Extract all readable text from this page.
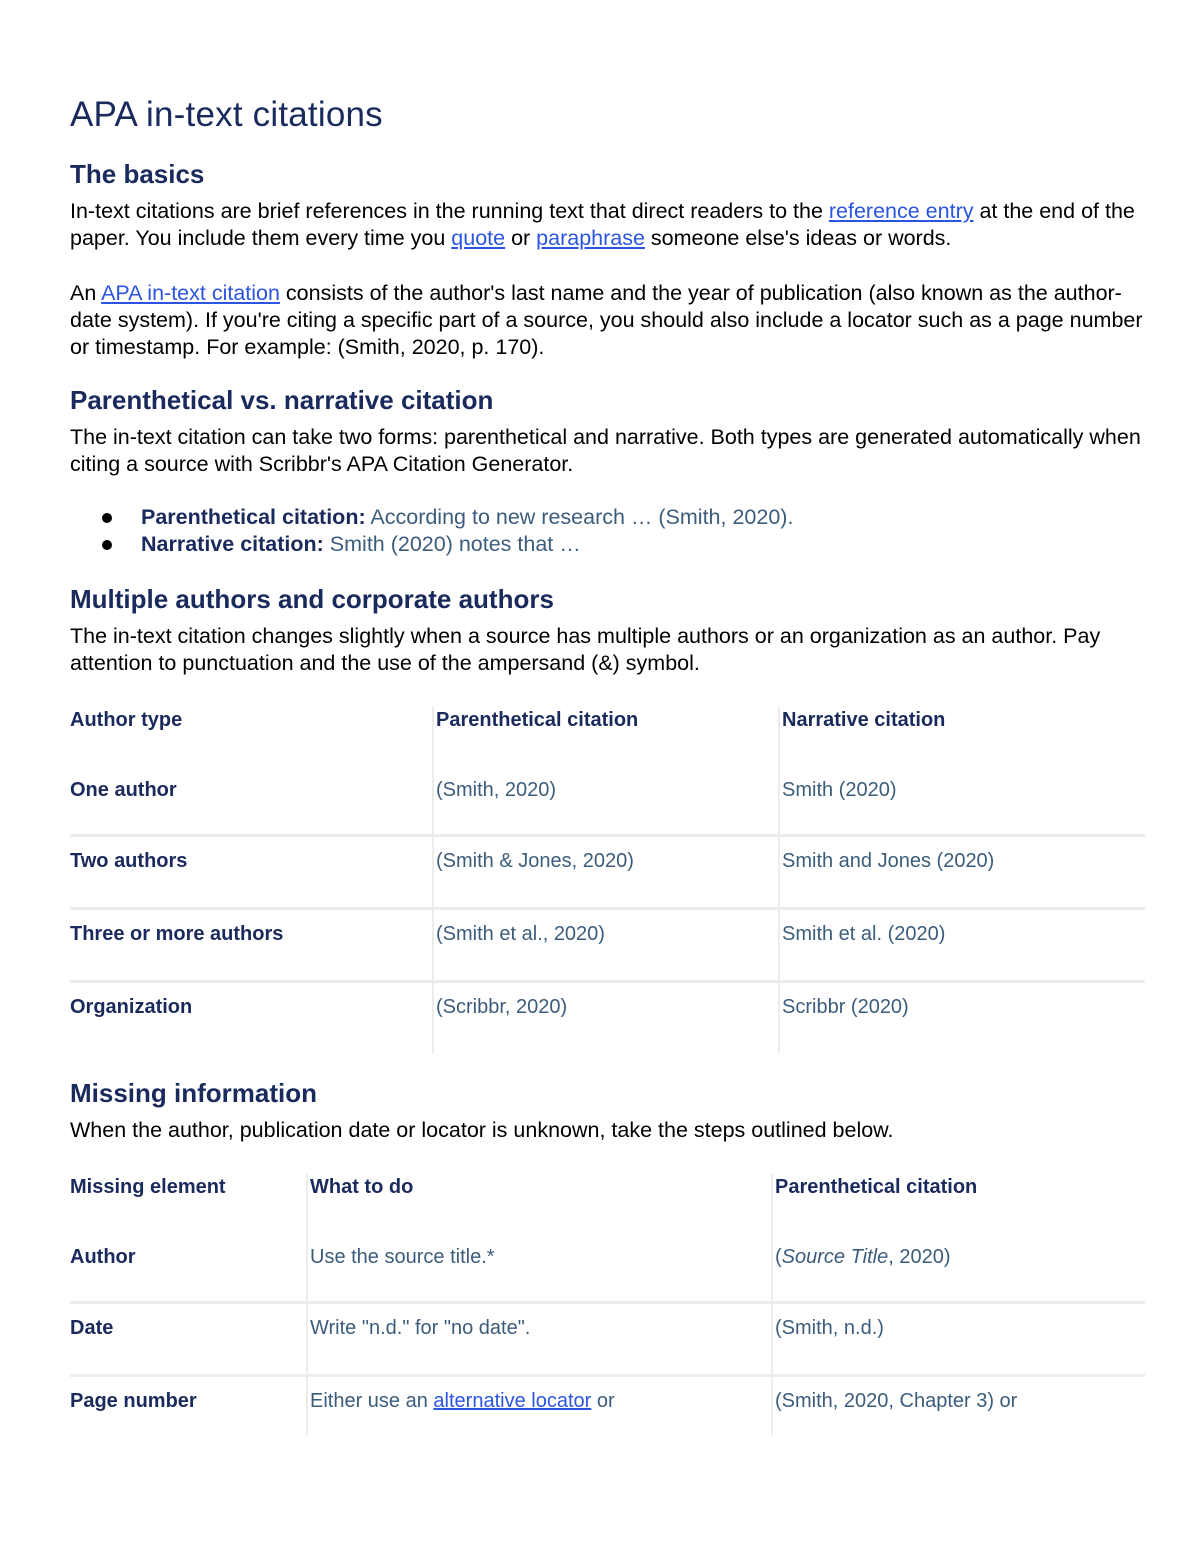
APA in-text citations
The basics

In-text citations are brief references in the running text that direct readers to the reference entry at the end of the paper. You include them every time you quote or paraphrase someone else's ideas or words.

An APA in-text citation consists of the author's last name and the year of publication (also known as the author-date system). If you're citing a specific part of a source, you should also include a locator such as a page number or timestamp. For example: (Smith, 2020, p. 170).

Parenthetical vs. narrative citation

The in-text citation can take two forms: parenthetical and narrative. Both types are generated automatically when citing a source with Scribbr's APA Citation Generator.

Parenthetical citation: According to new research … (Smith, 2020).
Narrative citation: Smith (2020) notes that …
Multiple authors and corporate authors

The in-text citation changes slightly when a source has multiple authors or an organization as an author. Pay attention to punctuation and the use of the ampersand (&) symbol.

Author type	Parenthetical citation	Narrative citation
One author	(Smith, 2020)	Smith (2020)
Two authors	(Smith & Jones, 2020)	Smith and Jones (2020)
Three or more authors	(Smith et al., 2020)	Smith et al. (2020)
Organization	(Scribbr, 2020)	Scribbr (2020)
Missing information

When the author, publication date or locator is unknown, take the steps outlined below.

Missing element	What to do	Parenthetical citation
Author	Use the source title.*	(Source Title, 2020)
Date	Write "n.d." for "no date".	(Smith, n.d.)
Page number	Either use an alternative locator or	(Smith, 2020, Chapter 3) or
